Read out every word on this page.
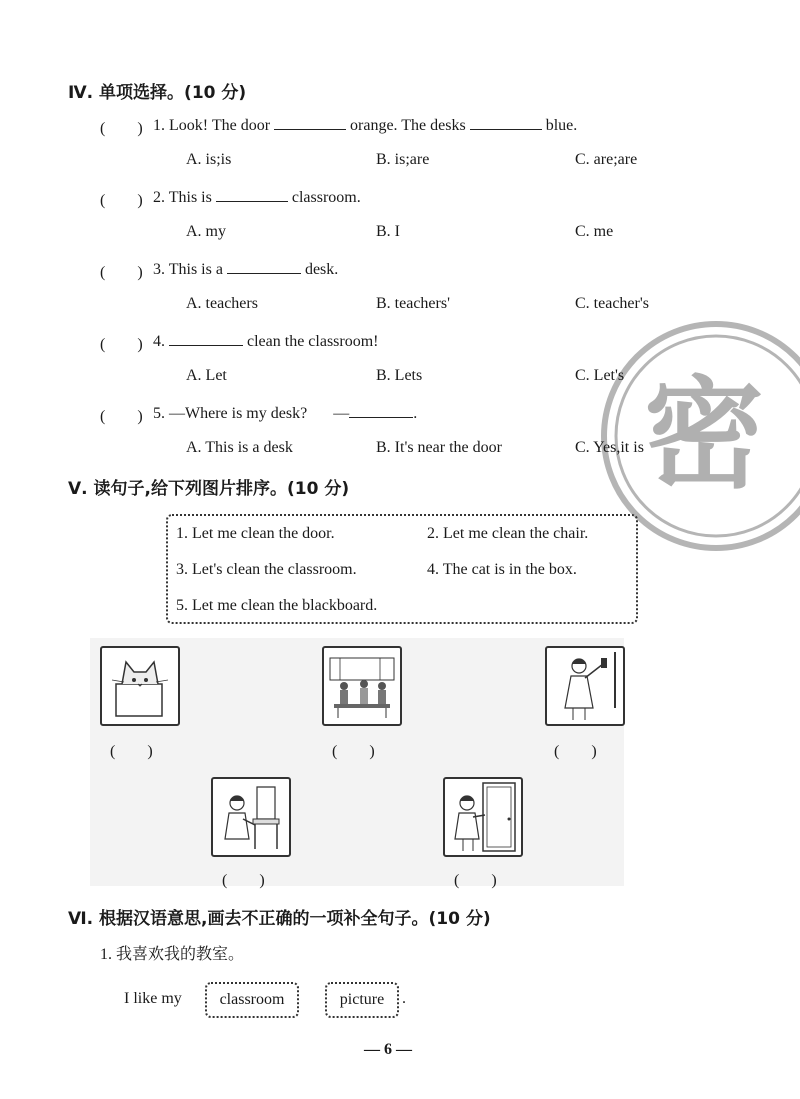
密
Ⅳ. 单项选择。(10 分)
(　　) 1. Look! The door	orange. The desks	blue.
A. is;is	B. is;are	C. are;are
(　　) 2. This is	classroom.
A. my	B. I	C. me
(　　) 3. This is a	desk.
A. teachers	B. teachers'	C. teacher's
(　　) 4.	clean the classroom!
A. Let	B. Lets	C. Let's
(　　) 5. —Where is my desk? —	.
A. This is a desk	B. It's near the door	C. Yes,it is
Ⅴ. 读句子,给下列图片排序。(10 分)
1. Let me clean the door.	2. Let me clean the chair.
3. Let's clean the classroom.	4. The cat is in the box.
5. Let me clean the blackboard.
(　　)	(　　)	(　　)
(　　)	(　　)
Ⅵ. 根据汉语意思,画去不正确的一项补全句子。(10 分)
1. 我喜欢我的教室。
I like my	classroom	picture	.
— 6 —
